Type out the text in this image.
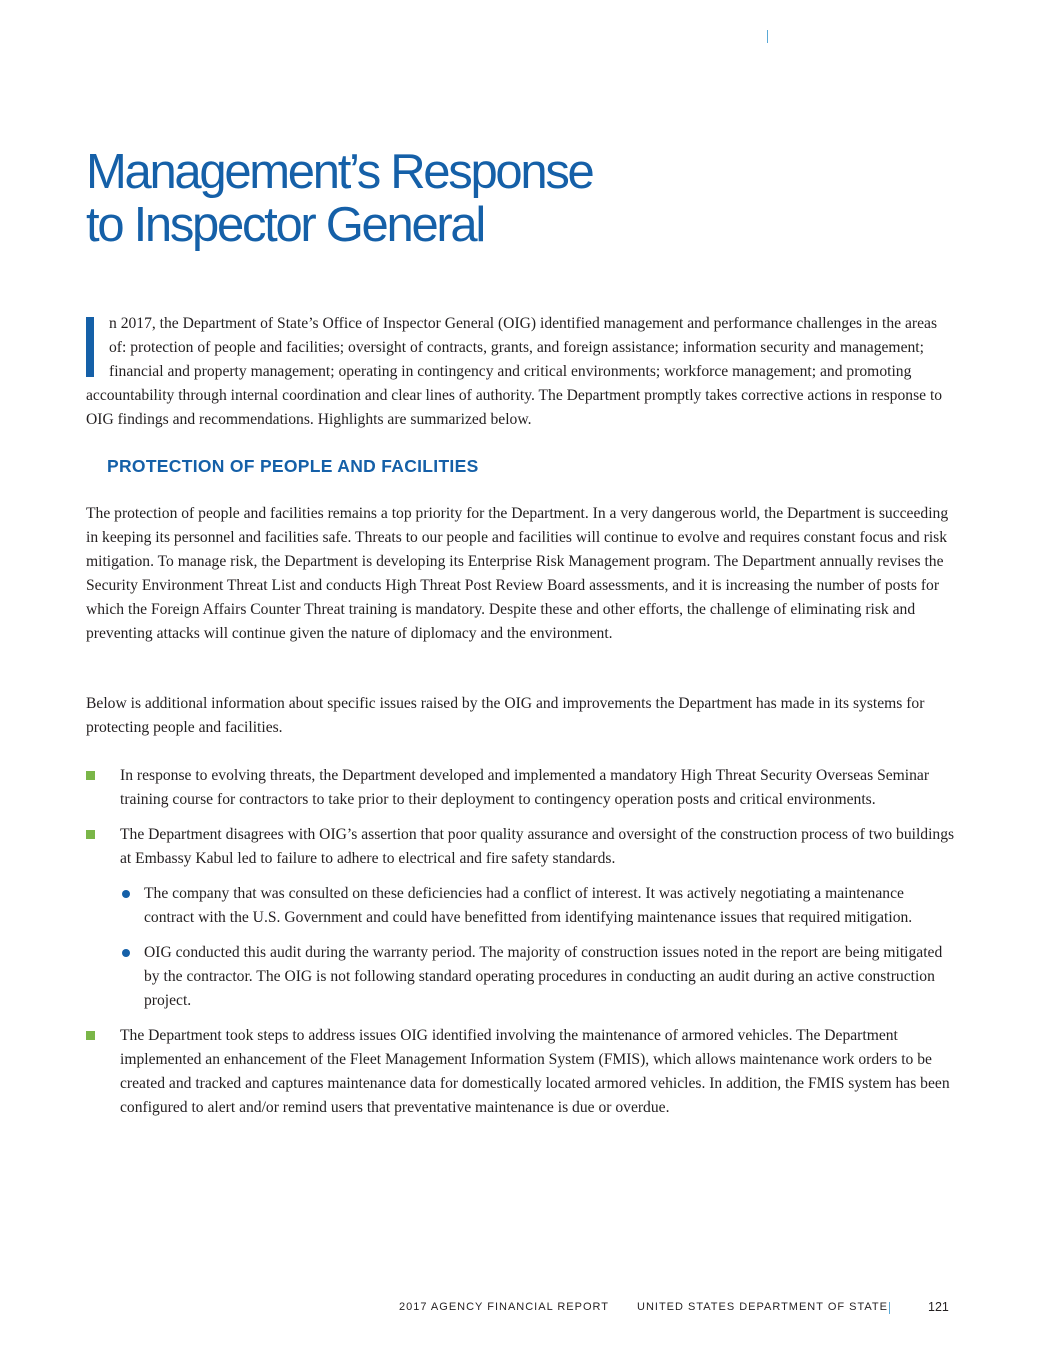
Management’s Response
to Inspector General

n 2017, the Department of State’s Office of Inspector General (OIG) identified management and performance challenges in the areas of: protection of people and facilities; oversight of contracts, grants, and foreign assistance; information security and management; financial and property management; operating in contingency and critical environments; workforce management; and promoting accountability through internal coordination and clear lines of authority. The Department promptly takes corrective actions in response to OIG findings and recommendations. Highlights are summarized below.

PROTECTION OF PEOPLE AND FACILITIES

The protection of people and facilities remains a top priority for the Department. In a very dangerous world, the Department is succeeding in keeping its personnel and facilities safe. Threats to our people and facilities will continue to evolve and requires constant focus and risk mitigation. To manage risk, the Department is developing its Enterprise Risk Management program. The Department annually revises the Security Environment Threat List and conducts High Threat Post Review Board assessments, and it is increasing the number of posts for which the Foreign Affairs Counter Threat training is mandatory. Despite these and other efforts, the challenge of eliminating risk and preventing attacks will continue given the nature of diplomacy and the environment.

Below is additional information about specific issues raised by the OIG and improvements the Department has made in its systems for protecting people and facilities.

In response to evolving threats, the Department developed and implemented a mandatory High Threat Security Overseas Seminar training course for contractors to take prior to their deployment to contingency operation posts and critical environments.
The Department disagrees with OIG’s assertion that poor quality assurance and oversight of the construction process of two buildings at Embassy Kabul led to failure to adhere to electrical and fire safety standards.
The company that was consulted on these deficiencies had a conflict of interest. It was actively negotiating a maintenance contract with the U.S. Government and could have benefitted from identifying maintenance issues that required mitigation.
OIG conducted this audit during the warranty period. The majority of construction issues noted in the report are being mitigated by the contractor. The OIG is not following standard operating procedures in conducting an audit during an active construction project.
The Department took steps to address issues OIG identified involving the maintenance of armored vehicles. The Department implemented an enhancement of the Fleet Management Information System (FMIS), which allows maintenance work orders to be created and tracked and captures maintenance data for domestically located armored vehicles. In addition, the FMIS system has been configured to alert and/or remind users that preventative maintenance is due or overdue.
2017 AGENCY FINANCIAL REPORT	UNITED STATES DEPARTMENT OF STATE	121
